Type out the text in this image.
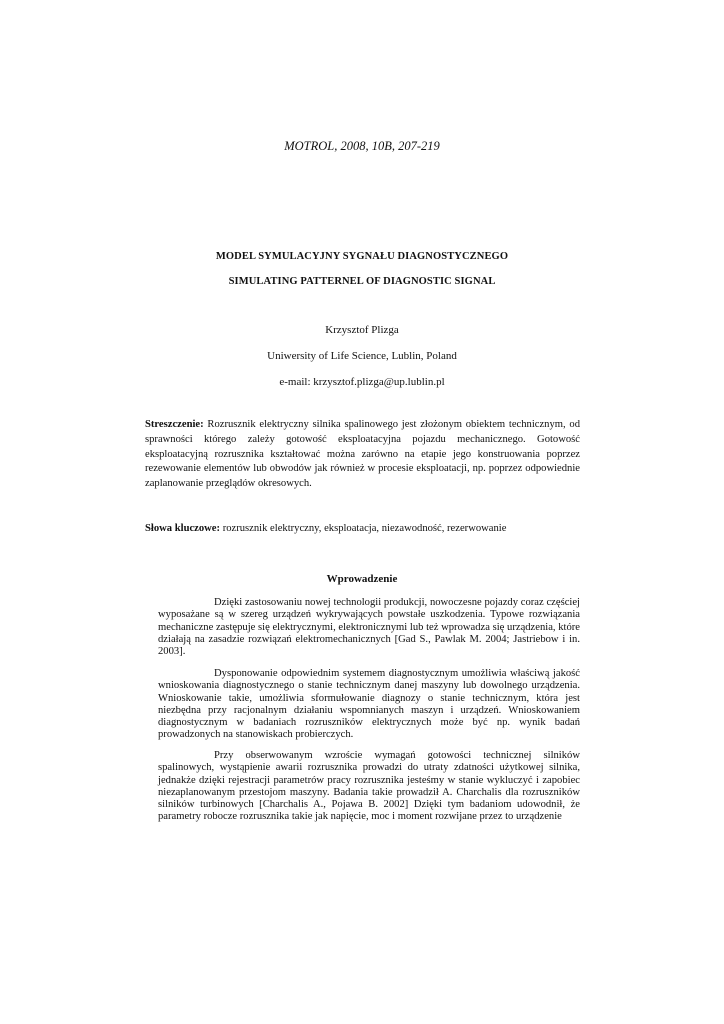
MOTROL, 2008, 10B, 207-219
MODEL SYMULACYJNY SYGNAŁU DIAGNOSTYCZNEGO
SIMULATING PATTERNEL OF DIAGNOSTIC SIGNAL
Krzysztof Plizga
Uniwersity of Life Science, Lublin, Poland
e-mail: krzysztof.plizga@up.lublin.pl
Streszczenie: Rozrusznik elektryczny silnika spalinowego jest złożonym obiektem technicznym, od sprawności którego zależy gotowość eksploatacyjna pojazdu mechanicznego. Gotowość eksploatacyjną rozrusznika kształtować można zarówno na etapie jego konstruowania poprzez rezewowanie elementów lub obwodów jak również w procesie eksploatacji, np. poprzez odpowiednie zaplanowanie przeglądów okresowych.
Słowa kluczowe: rozrusznik elektryczny, eksploatacja, niezawodność, rezerwowanie
Wprowadzenie

Dzięki zastosowaniu nowej technologii produkcji, nowoczesne pojazdy coraz częściej wyposażane są w szereg urządzeń wykrywających powstałe uszkodzenia. Typowe rozwiązania mechaniczne zastępuje się elektrycznymi, elektronicznymi lub też wprowadza się urządzenia, które działają na zasadzie rozwiązań elektromechanicznych [Gad S., Pawlak M. 2004; Jastriebow i in. 2003].

Dysponowanie odpowiednim systemem diagnostycznym umożliwia właściwą jakość wnioskowania diagnostycznego o stanie technicznym danej maszyny lub dowolnego urządzenia. Wnioskowanie takie, umożliwia sformułowanie diagnozy o stanie technicznym, która jest niezbędna przy racjonalnym działaniu wspomnianych maszyn i urządzeń. Wnioskowaniem diagnostycznym w badaniach rozruszników elektrycznych może być np. wynik badań prowadzonych na stanowiskach probierczych.

Przy obserwowanym wzroście wymagań gotowości technicznej silników spalinowych, wystąpienie awarii rozrusznika prowadzi do utraty zdatności użytkowej silnika, jednakże dzięki rejestracji parametrów pracy rozrusznika jesteśmy w stanie wykluczyć i zapobiec niezaplanowanym przestojom maszyny. Badania takie prowadził A. Charchalis dla rozruszników silników turbinowych [Charchalis A., Pojawa B. 2002] Dzięki tym badaniom udowodnił, że parametry robocze rozrusznika takie jak napięcie, moc i moment rozwijane przez to urządzenie
